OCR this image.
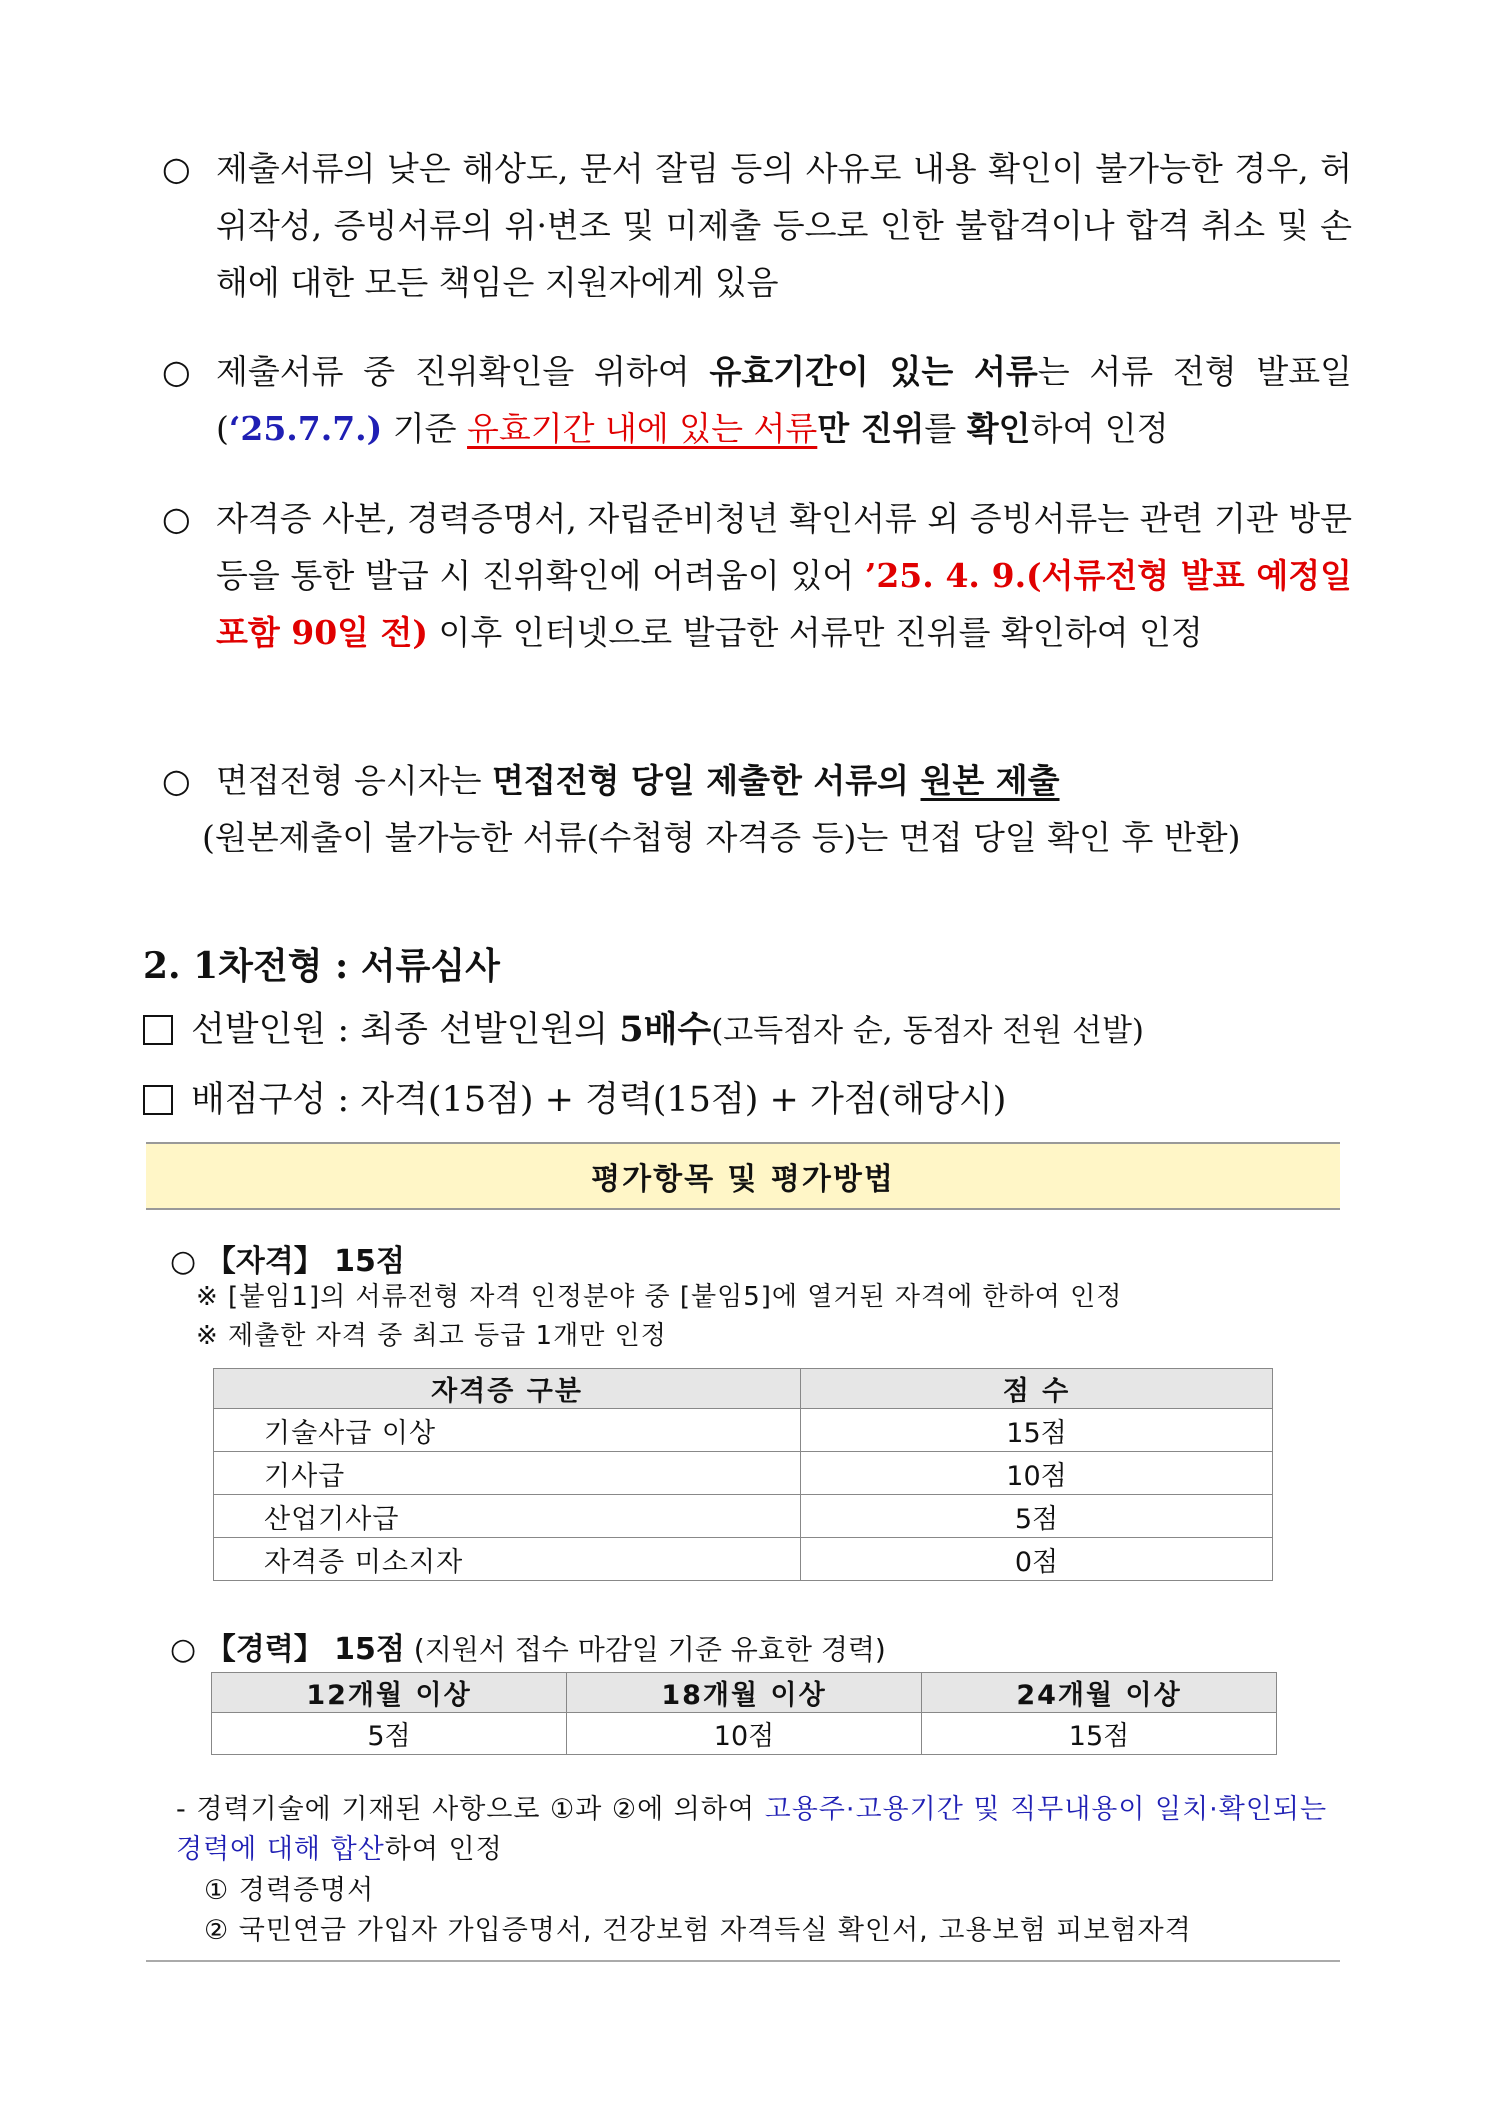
○ 제출서류의 낮은 해상도, 문서 잘림 등의 사유로 내용 확인이 불가능한 경우, 허위작성, 증빙서류의 위·변조 및 미제출 등으로 인한 불합격이나 합격 취소 및 손해에 대한 모든 책임은 지원자에게 있음
○ 제출서류 중 진위확인을 위하여 유효기간이 있는 서류는 서류 전형 발표일(‘25.7.7.) 기준 유효기간 내에 있는 서류만 진위를 확인하여 인정
○ 자격증 사본, 경력증명서, 자립준비청년 확인서류 외 증빙서류는 관련 기관 방문 등을 통한 발급 시 진위확인에 어려움이 있어 ’25. 4. 9.(서류전형 발표 예정일 포함 90일 전) 이후 인터넷으로 발급한 서류만 진위를 확인하여 인정
○ 면접전형 응시자는 면접전형 당일 제출한 서류의 원본 제출
(원본제출이 불가능한 서류(수첩형 자격증 등)는 면접 당일 확인 후 반환)
2. 1차전형 : 서류심사
선발인원 : 최종 선발인원의 5배수(고득점자 순, 동점자 전원 선발)
배점구성 : 자격(15점) + 경력(15점) + 가점(해당시)
평가항목 및 평가방법
○ 【자격】 15점
※ [붙임1]의 서류전형 자격 인정분야 중 [붙임5]에 열거된 자격에 한하여 인정
※ 제출한 자격 중 최고 등급 1개만 인정
자격증 구분	점 수
기술사급 이상	15점
기사급	10점
산업기사급	5점
자격증 미소지자	0점
○ 【경력】 15점 (지원서 접수 마감일 기준 유효한 경력)
12개월 이상	18개월 이상	24개월 이상
5점	10점	15점
- 경력기술에 기재된 사항으로 ①과 ②에 의하여 고용주·고용기간 및 직무내용이 일치·확인되는 경력에 대해 합산하여 인정
① 경력증명서
② 국민연금 가입자 가입증명서, 건강보험 자격득실 확인서, 고용보험 피보험자격
